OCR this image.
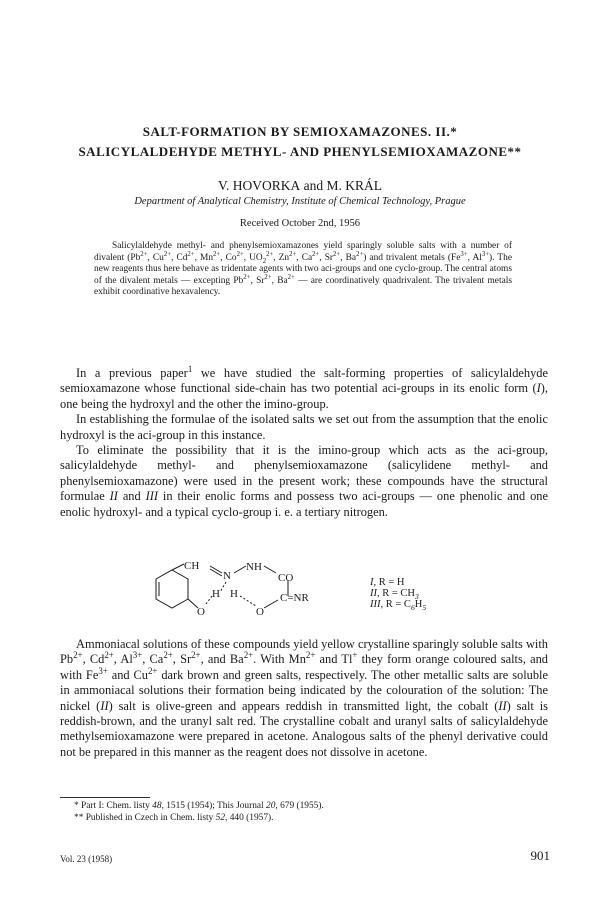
SALT-FORMATION BY SEMIOXAMAZONES. II.*
SALICYLALDEHYDE METHYL- AND PHENYLSEMIOXAMAZONE**
V. HOVORKA and M. KRÁL
Department of Analytical Chemistry, Institute of Chemical Technology, Prague
Received October 2nd, 1956

Salicylaldehyde methyl- and phenylsemioxamazones yield sparingly soluble salts with a number of divalent ($Pb^{2+}$, $Cu^{2+}$, $Cd^{2+}$, $Mn^{2+}$, $Co^{2+}$, $UO_2^{2+}$, $Zn^{2+}$, $Ca^{2+}$, $Sr^{2+}$, $Ba^{2+}$) and trivalent metals ($Fe^{3+}$, $Al^{3+}$). The new reagents thus here behave as tridentate agents with two aci-groups and one cyclo-group. The central atoms of the divalent metals — excepting $Pb^{2+}$, $Sr^{2+}$, $Ba^{2+}$ — are coordinatively quadrivalent. The trivalent metals exhibit coordinative hexavalency.

In a previous paper$^1$ we have studied the salt-forming properties of salicylaldehyde semioxamazone whose functional side-chain has two potential aci-groups in its enolic form (I), one being the hydroxyl and the other the imino-group.

In establishing the formulae of the isolated salts we set out from the assumption that the enolic hydroxyl is the aci-group in this instance.

To eliminate the possibility that it is the imino-group which acts as the aci-group, salicylaldehyde methyl- and phenylsemioxamazone (salicylidene methyl- and phenylsemioxamazone) were used in the present work; these compounds have the structural formulae II and III in their enolic forms and possess two aci-groups — one phenolic and one enolic hydroxyl- and a typical cyclo-group i. e. a tertiary nitrogen.

CH
N
NH
CO
O
H H
O
C=NR
I, R = H
II, $R = CH_3$
III, $R = C_6H_5$

Ammoniacal solutions of these compounds yield yellow crystalline sparingly soluble salts with $Pb^{2+}$, $Cd^{2+}$, $Al^{3+}$, $Ca^{2+}$, $Sr^{2+}$, and $Ba^{2+}$. With $Mn^{2+}$ and Tl+ they form orange coloured salts, and with $Fe^{3+}$ and $Cu^{2+}$ dark brown and green salts, respectively. The other metallic salts are soluble in ammoniacal solutions their formation being indicated by the colouration of the solution: The nickel (II) salt is olive-green and appears reddish in transmitted light, the cobalt (II) salt is reddish-brown, and the uranyl salt red. The crystalline cobalt and uranyl salts of salicylaldehyde methylsemioxamazone were prepared in acetone. Analogous salts of the phenyl derivative could not be prepared in this manner as the reagent does not dissolve in acetone.

* Part I: Chem. listy 48, 1515 (1954); This Journal 20, 679 (1955).
** Published in Czech in Chem. listy 52, 440 (1957).
Vol. 23 (1958)	901
